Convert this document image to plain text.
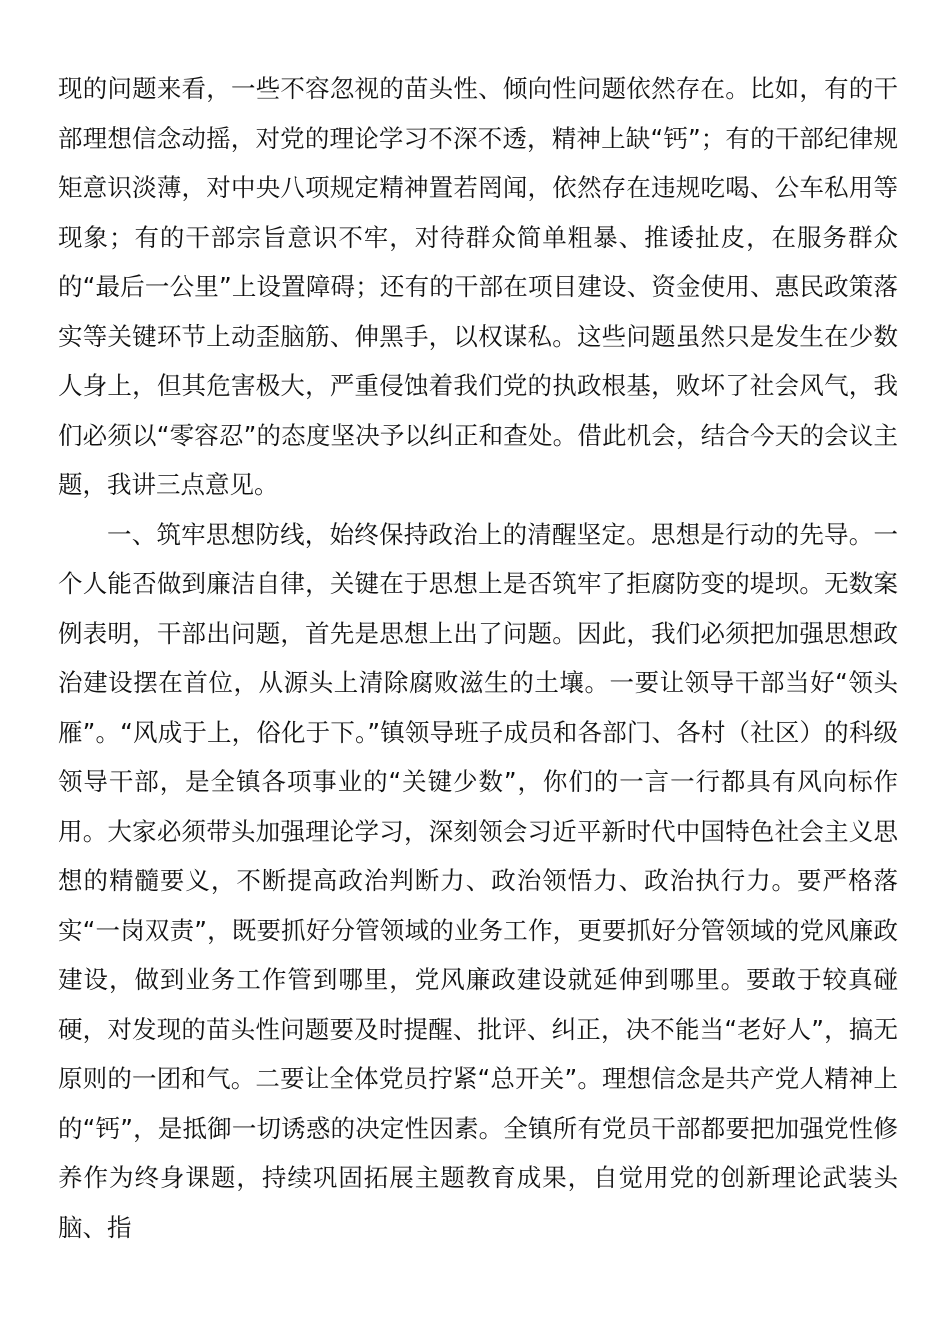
现的问题来看，一些不容忽视的苗头性、倾向性问题依然存在。比如，有的干部理想信念动摇，对党的理论学习不深不透，精神上缺“钙”；有的干部纪律规矩意识淡薄，对中央八项规定精神置若罔闻，依然存在违规吃喝、公车私用等现象；有的干部宗旨意识不牢，对待群众简单粗暴、推诿扯皮，在服务群众的“最后一公里”上设置障碍；还有的干部在项目建设、资金使用、惠民政策落实等关键环节上动歪脑筋、伸黑手，以权谋私。这些问题虽然只是发生在少数人身上，但其危害极大，严重侵蚀着我们党的执政根基，败坏了社会风气，我们必须以“零容忍”的态度坚决予以纠正和查处。借此机会，结合今天的会议主题，我讲三点意见。

一、筑牢思想防线，始终保持政治上的清醒坚定。思想是行动的先导。一个人能否做到廉洁自律，关键在于思想上是否筑牢了拒腐防变的堤坝。无数案例表明，干部出问题，首先是思想上出了问题。因此，我们必须把加强思想政治建设摆在首位，从源头上清除腐败滋生的土壤。一要让领导干部当好“领头雁”。“风成于上，俗化于下。”镇领导班子成员和各部门、各村（社区）的科级领导干部，是全镇各项事业的“关键少数”，你们的一言一行都具有风向标作用。大家必须带头加强理论学习，深刻领会习近平新时代中国特色社会主义思想的精髓要义，不断提高政治判断力、政治领悟力、政治执行力。要严格落实“一岗双责”，既要抓好分管领域的业务工作，更要抓好分管领域的党风廉政建设，做到业务工作管到哪里，党风廉政建设就延伸到哪里。要敢于较真碰硬，对发现的苗头性问题要及时提醒、批评、纠正，决不能当“老好人”，搞无原则的一团和气。二要让全体党员拧紧“总开关”。理想信念是共产党人精神上的“钙”，是抵御一切诱惑的决定性因素。全镇所有党员干部都要把加强党性修养作为终身课题，持续巩固拓展主题教育成果，自觉用党的创新理论武装头脑、指
